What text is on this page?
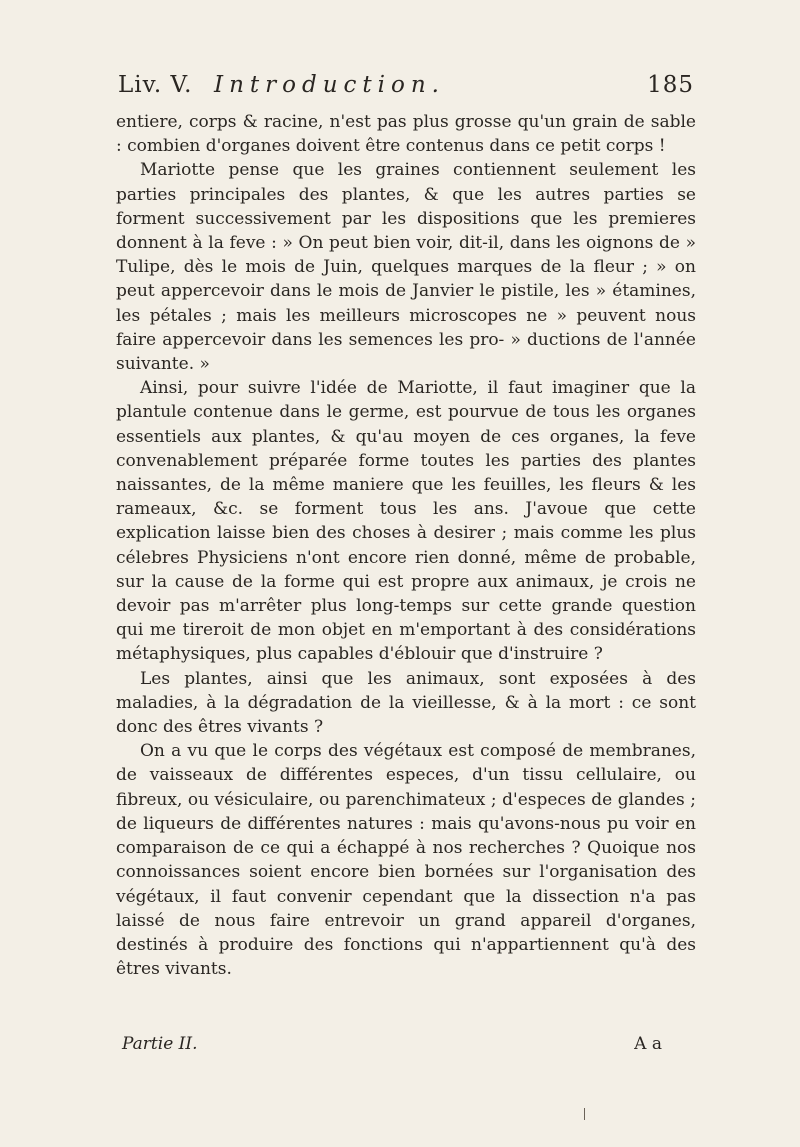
Liv. V. Introduction.	185

entiere, corps & racine, n'est pas plus grosse qu'un grain de sable : combien d'organes doivent être contenus dans ce petit corps !

Mariotte pense que les graines contiennent seulement les parties principales des plantes, & que les autres parties se forment successivement par les dispositions que les premieres donnent à la feve : » On peut bien voir, dit-il, dans les oignons de » Tulipe, dès le mois de Juin, quelques marques de la fleur ; » on peut appercevoir dans le mois de Janvier le pistile, les » étamines, les pétales ; mais les meilleurs microscopes ne » peuvent nous faire appercevoir dans les semences les pro- » ductions de l'année suivante. »

Ainsi, pour suivre l'idée de Mariotte, il faut imaginer que la plantule contenue dans le germe, est pourvue de tous les organes essentiels aux plantes, & qu'au moyen de ces organes, la feve convenablement préparée forme toutes les parties des plantes naissantes, de la même maniere que les feuilles, les fleurs & les rameaux, &c. se forment tous les ans. J'avoue que cette explication laisse bien des choses à desirer ; mais comme les plus célebres Physiciens n'ont encore rien donné, même de probable, sur la cause de la forme qui est propre aux animaux, je crois ne devoir pas m'arrêter plus long-temps sur cette grande question qui me tireroit de mon objet en m'emportant à des considérations métaphysiques, plus capables d'éblouir que d'instruire ?

Les plantes, ainsi que les animaux, sont exposées à des maladies, à la dégradation de la vieillesse, & à la mort : ce sont donc des êtres vivants ?

On a vu que le corps des végétaux est composé de membranes, de vaisseaux de différentes especes, d'un tissu cellulaire, ou fibreux, ou vésiculaire, ou parenchimateux ; d'especes de glandes ; de liqueurs de différentes natures : mais qu'avons-nous pu voir en comparaison de ce qui a échappé à nos recherches ? Quoique nos connoissances soient encore bien bornées sur l'organisation des végétaux, il faut convenir cependant que la dissection n'a pas laissé de nous faire entrevoir un grand appareil d'organes, destinés à produire des fonctions qui n'appartiennent qu'à des êtres vivants.

Partie II.	A a
